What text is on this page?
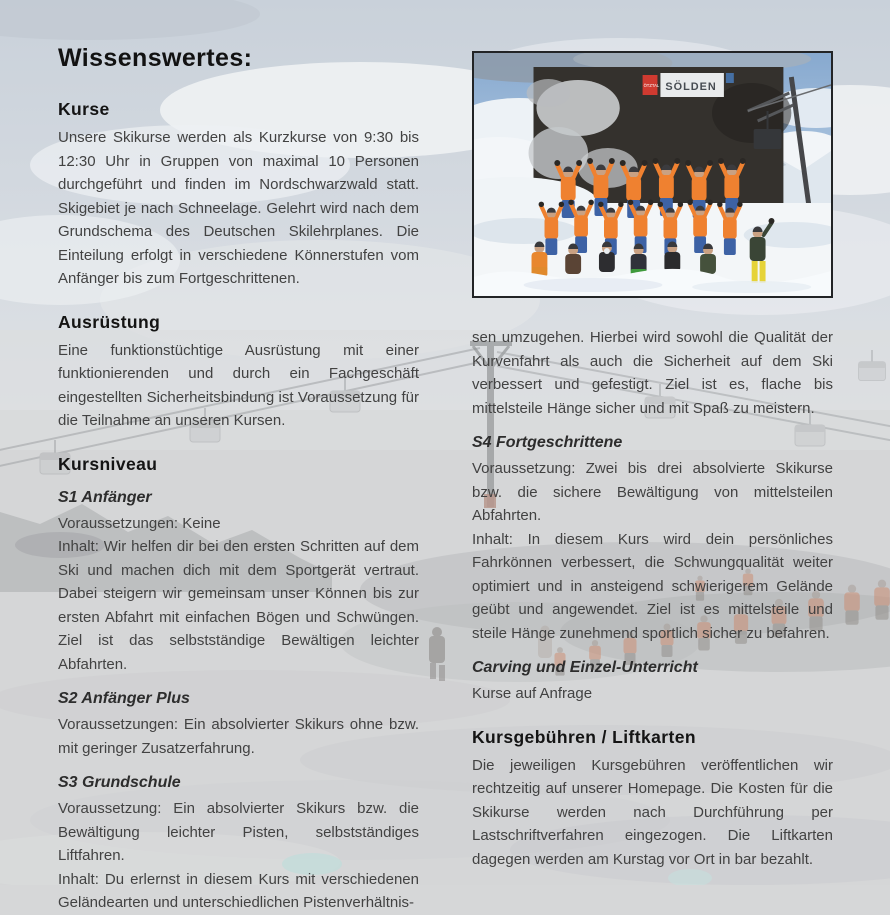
Wissenswertes:
Kurse

Unsere Skikurse werden als Kurzkurse von 9:30 bis 12:30 Uhr in Gruppen von maximal 10 Personen durchgeführt und finden im Nordschwarzwald statt. Skigebiet je nach Schneelage. Gelehrt wird nach dem Grundschema des Deutschen Skilehrplanes. Die Einteilung erfolgt in verschiedene Könnerstufen vom Anfänger bis zum Fortgeschrittenen.

Ausrüstung

Eine funktionstüchtige Ausrüstung mit einer funktionierenden und durch ein Fachgeschäft eingestellten Sicherheitsbindung ist Voraussetzung für die Teilnahme an unseren Kursen.

Kursniveau
S1 Anfänger

Voraussetzungen: Keine

Inhalt: Wir helfen dir bei den ersten Schritten auf dem Ski und machen dich mit dem Sportgerät vertraut. Dabei steigern wir gemeinsam unser Können bis zur ersten Abfahrt mit einfachen Bögen und Schwüngen. Ziel ist das selbstständige Bewältigen leichter Abfahrten.

S2 Anfänger Plus

Voraussetzungen: Ein absolvierter Skikurs ohne bzw. mit geringer Zusatzerfahrung.

S3 Grundschule

Voraussetzung: Ein absolvierter Skikurs bzw. die Bewältigung leichter Pisten, selbstständiges Liftfahren.

Inhalt: Du erlernst in diesem Kurs mit verschiedenen Geländearten und unterschiedlichen Pistenverhältnis-

ÖTZTAL SÖLDEN

sen umzugehen. Hierbei wird sowohl die Qualität der Kurvenfahrt als auch die Sicherheit auf dem Ski verbessert und gefestigt. Ziel ist es, flache bis mittelsteile Hänge sicher und mit Spaß zu meistern.

S4 Fortgeschrittene

Voraussetzung: Zwei bis drei absolvierte Skikurse bzw. die sichere Bewältigung von mittelsteilen Abfahrten.

Inhalt: In diesem Kurs wird dein persönliches Fahrkönnen verbessert, die Schwungqualität weiter optimiert und in ansteigend schwierigerem Gelände geübt und angewendet. Ziel ist es mittelsteile und steile Hänge zunehmend sportlich sicher zu befahren.

Carving und Einzel-Unterricht

Kurse auf Anfrage

Kursgebühren / Liftkarten

Die jeweiligen Kursgebühren veröffentlichen wir rechtzeitig auf unserer Homepage. Die Kosten für die Skikurse werden nach Durchführung per Lastschriftverfahren eingezogen. Die Liftkarten dagegen werden am Kurstag vor Ort in bar bezahlt.
